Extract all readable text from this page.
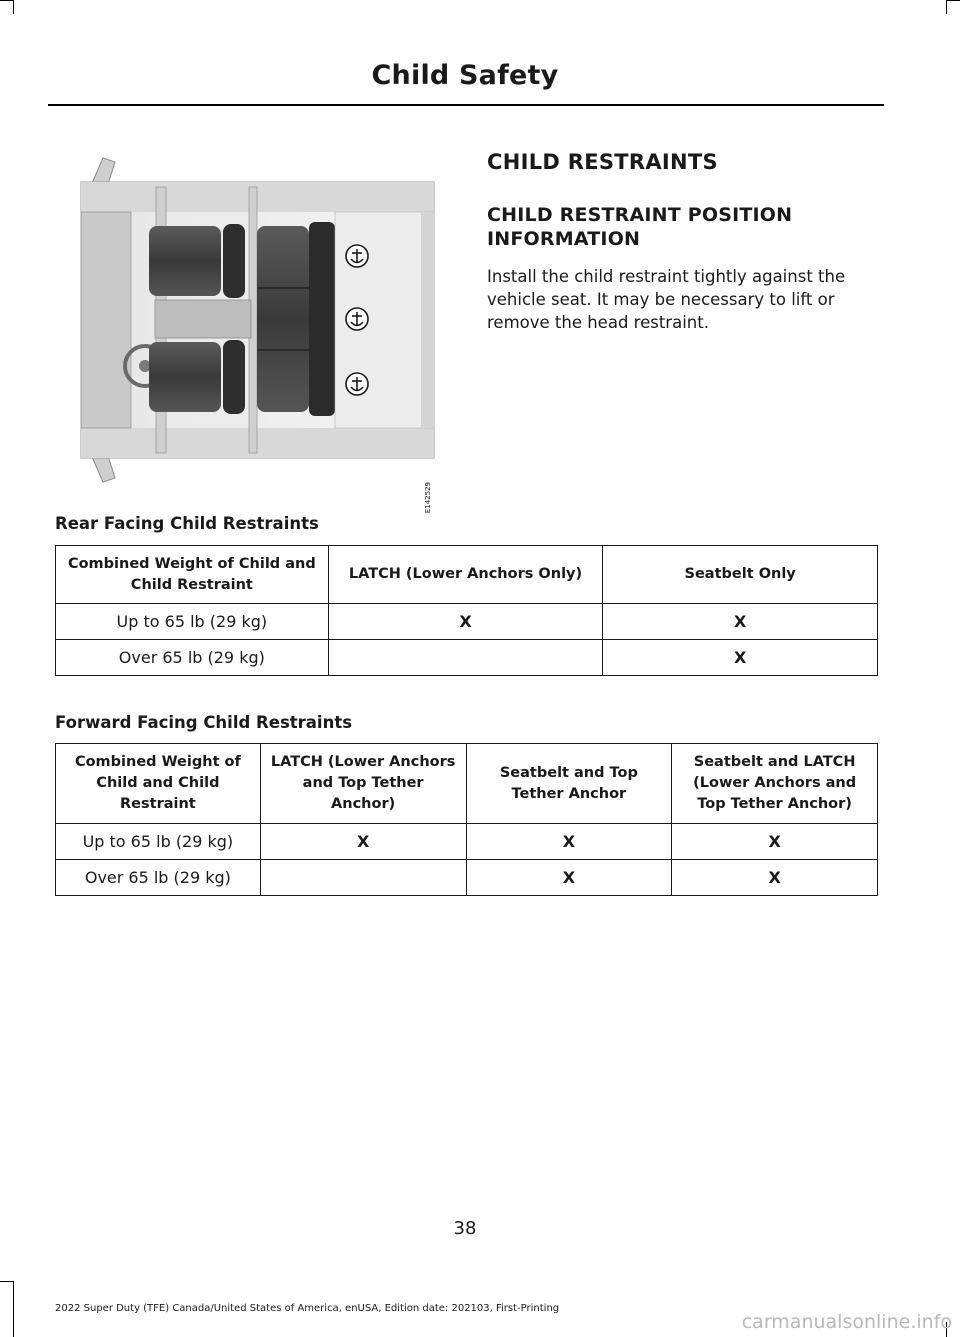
Child Safety
E142529
CHILD RESTRAINTS
CHILD RESTRAINT POSITION INFORMATION
Install the child restraint tightly against the vehicle seat. It may be necessary to lift or remove the head restraint.
Rear Facing Child Restraints
Combined Weight of Child and Child Restraint	LATCH (Lower Anchors Only)	Seatbelt Only
Up to 65 lb (29 kg)	X	X
Over 65 lb (29 kg)		X
Forward Facing Child Restraints
Combined Weight of Child and Child Restraint	LATCH (Lower Anchors and Top Tether Anchor)	Seatbelt and Top Tether Anchor	Seatbelt and LATCH (Lower Anchors and Top Tether Anchor)
Up to 65 lb (29 kg)	X	X	X
Over 65 lb (29 kg)		X	X
38
2022 Super Duty (TFE) Canada/United States of America, enUSA, Edition date: 202103, First-Printing
carmanualsonline.info
